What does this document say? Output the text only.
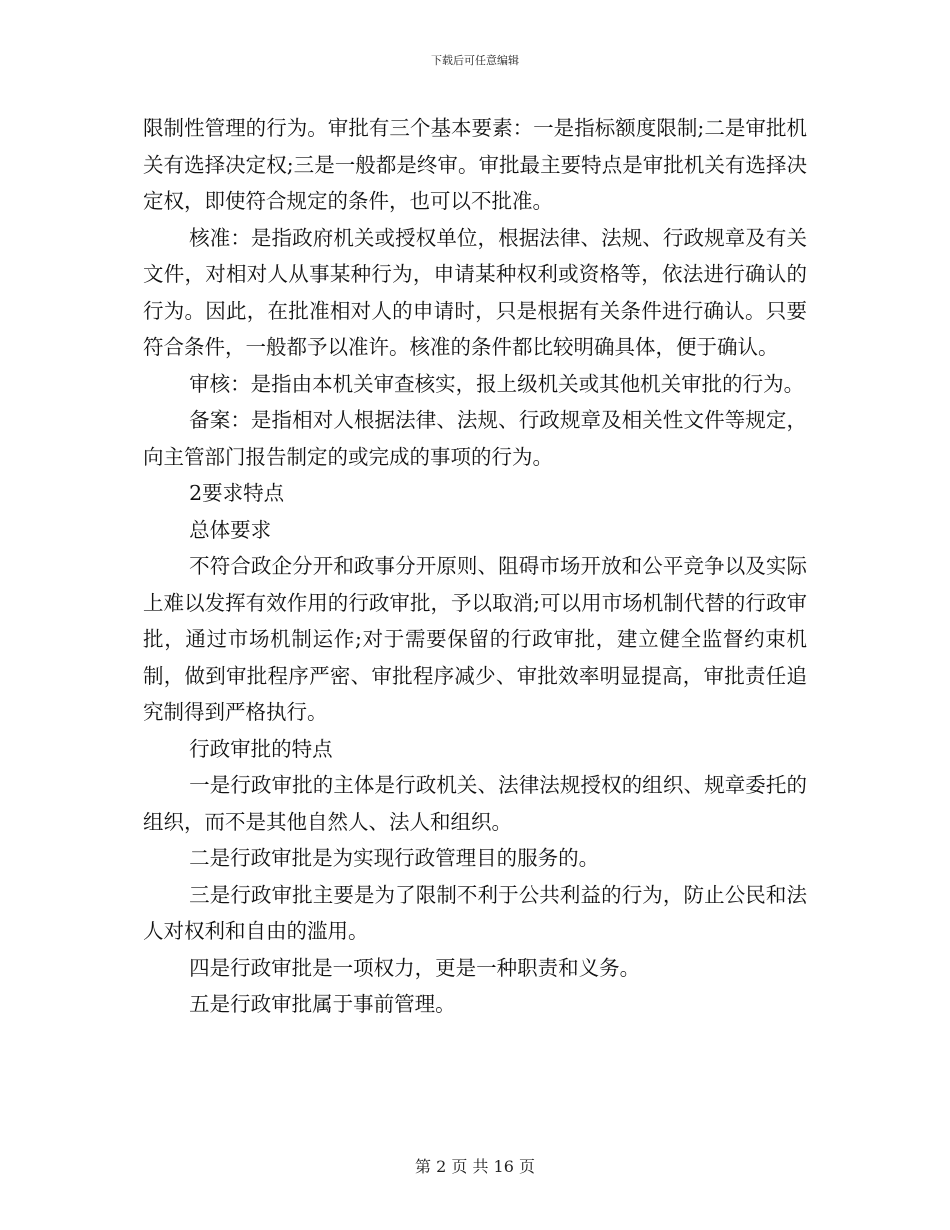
下载后可任意编辑

限制性管理的行为。审批有三个基本要素：一是指标额度限制;二是审批机关有选择决定权;三是一般都是终审。审批最主要特点是审批机关有选择决定权，即使符合规定的条件，也可以不批准。

核准：是指政府机关或授权单位，根据法律、法规、行政规章及有关文件，对相对人从事某种行为，申请某种权利或资格等，依法进行确认的行为。因此，在批准相对人的申请时，只是根据有关条件进行确认。只要符合条件，一般都予以准许。核准的条件都比较明确具体，便于确认。

审核：是指由本机关审查核实，报上级机关或其他机关审批的行为。

备案：是指相对人根据法律、法规、行政规章及相关性文件等规定，向主管部门报告制定的或完成的事项的行为。

2要求特点

总体要求

不符合政企分开和政事分开原则、阻碍市场开放和公平竞争以及实际上难以发挥有效作用的行政审批，予以取消;可以用市场机制代替的行政审批，通过市场机制运作;对于需要保留的行政审批，建立健全监督约束机制，做到审批程序严密、审批程序减少、审批效率明显提高，审批责任追究制得到严格执行。

行政审批的特点

一是行政审批的主体是行政机关、法律法规授权的组织、规章委托的组织，而不是其他自然人、法人和组织。

二是行政审批是为实现行政管理目的服务的。

三是行政审批主要是为了限制不利于公共利益的行为，防止公民和法人对权利和自由的滥用。

四是行政审批是一项权力，更是一种职责和义务。

五是行政审批属于事前管理。

第 2 页 共 16 页
